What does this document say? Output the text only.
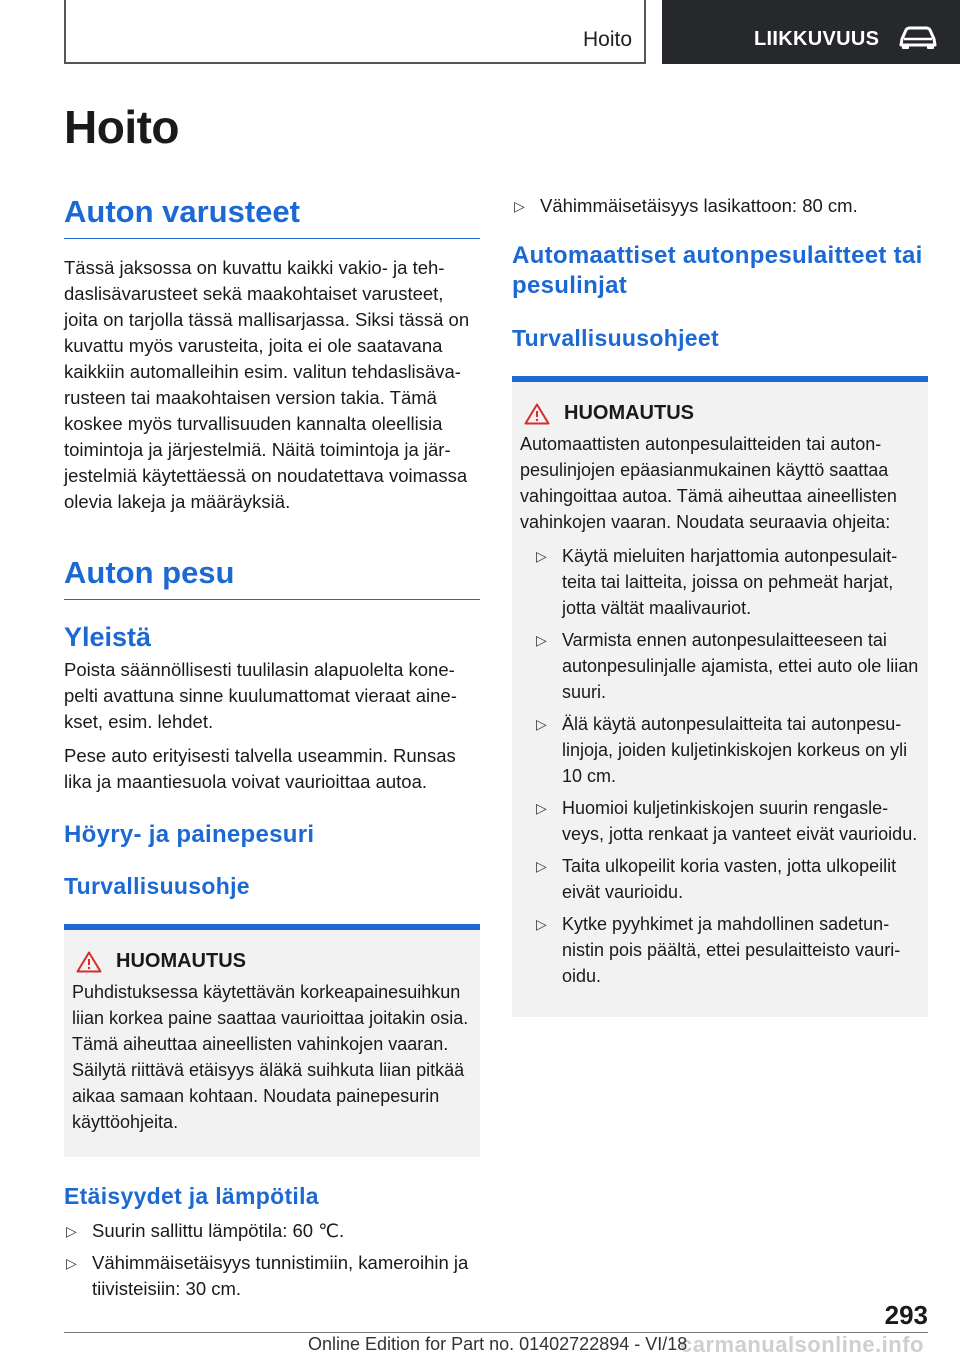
Hoito	LIIKKUVUUS
Hoito
Auton varusteet

Tässä jaksossa on kuvattu kaikki vakio- ja tehdaslisävarusteet sekä maakohtaiset varusteet, joita on tarjolla tässä mallisarjassa. Siksi tässä on kuvattu myös varusteita, joita ei ole saatavana kaikkiin automalleihin esim. valitun tehdaslisävarusteen tai maakohtaisen version takia. Tämä koskee myös turvallisuuden kannalta oleellisia toimintoja ja järjestelmiä. Näitä toimintoja ja järjestelmiä käytettäessä on noudatettava voimassa olevia lakeja ja määräyksiä.

Auton pesu
Yleistä

Poista säännöllisesti tuulilasin alapuolelta konepelti avattuna sinne kuulumattomat vieraat ainekset, esim. lehdet.

Pese auto erityisesti talvella useammin. Runsas lika ja maantiesuola voivat vaurioittaa autoa.

Höyry- ja painepesuri
Turvallisuusohje
HUOMAUTUS

Puhdistuksessa käytettävän korkeapainesuihkun liian korkea paine saattaa vaurioittaa joitakin osia. Tämä aiheuttaa aineellisten vahinkojen vaaran. Säilytä riittävä etäisyys äläkä suihkuta liian pitkää aikaa samaan kohtaan. Noudata painepesurin käyttöohjeita.

Etäisyydet ja lämpötila
▷ Suurin sallittu lämpötila: 60 ℃.
▷ Vähimmäisetäisyys tunnistimiin, kameroihin ja tiivisteisiin: 30 cm.
▷ Vähimmäisetäisyys lasikattoon: 80 cm.
Automaattiset autonpesulaitteet tai pesulinjat
Turvallisuusohjeet
HUOMAUTUS

Automaattisten autonpesulaitteiden tai autonpesulinjojen epäasianmukainen käyttö saattaa vahingoittaa autoa. Tämä aiheuttaa aineellisten vahinkojen vaaran. Noudata seuraavia ohjeita:

▷ Käytä mieluiten harjattomia autonpesulaitteita tai laitteita, joissa on pehmeät harjat, jotta vältät maalivauriot.
▷ Varmista ennen autonpesulaitteeseen tai autonpesulinjalle ajamista, ettei auto ole liian suuri.
▷ Älä käytä autonpesulaitteita tai autonpesulinjoja, joiden kuljetinkiskojen korkeus on yli 10 cm.
▷ Huomioi kuljetinkiskojen suurin rengasleveys, jotta renkaat ja vanteet eivät vaurioidu.
▷ Taita ulkopeilit koria vasten, jotta ulkopeilit eivät vaurioidu.
▷ Kytke pyyhkimet ja mahdollinen sadetunnistin pois päältä, ettei pesulaitteisto vaurioidu.
293
carmanualsonline.info
Online Edition for Part no. 01402722894 - VI/18
